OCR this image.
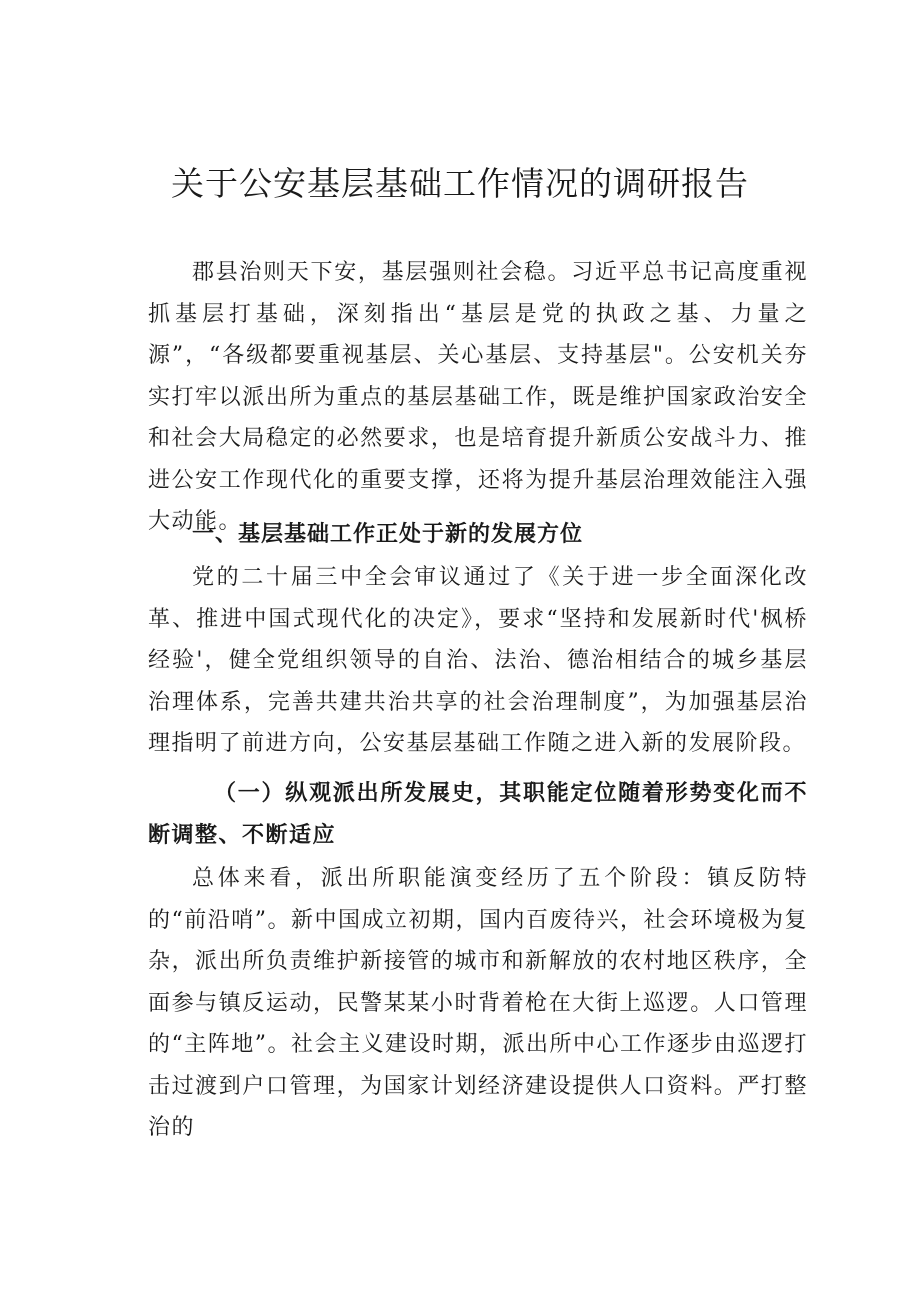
关于公安基层基础工作情况的调研报告

郡县治则天下安，基层强则社会稳。习近平总书记高度重视抓基层打基础，深刻指出“基层是党的执政之基、力量之源”，“各级都要重视基层、关心基层、支持基层"。公安机关夯实打牢以派出所为重点的基层基础工作，既是维护国家政治安全和社会大局稳定的必然要求，也是培育提升新质公安战斗力、推进公安工作现代化的重要支撑，还将为提升基层治理效能注入强大动能。

一、基层基础工作正处于新的发展方位

党的二十届三中全会审议通过了《关于进一步全面深化改革、推进中国式现代化的决定》，要求“坚持和发展新时代'枫桥经验'，健全党组织领导的自治、法治、德治相结合的城乡基层治理体系，完善共建共治共享的社会治理制度”，为加强基层治理指明了前进方向，公安基层基础工作随之进入新的发展阶段。

（一）纵观派出所发展史，其职能定位随着形势变化而不断调整、不断适应

总体来看，派出所职能演变经历了五个阶段：镇反防特的“前沿哨”。新中国成立初期，国内百废待兴，社会环境极为复杂，派出所负责维护新接管的城市和新解放的农村地区秩序，全面参与镇反运动，民警某某小时背着枪在大街上巡逻。人口管理的“主阵地”。社会主义建设时期，派出所中心工作逐步由巡逻打击过渡到户口管理，为国家计划经济建设提供人口资料。严打整治的
